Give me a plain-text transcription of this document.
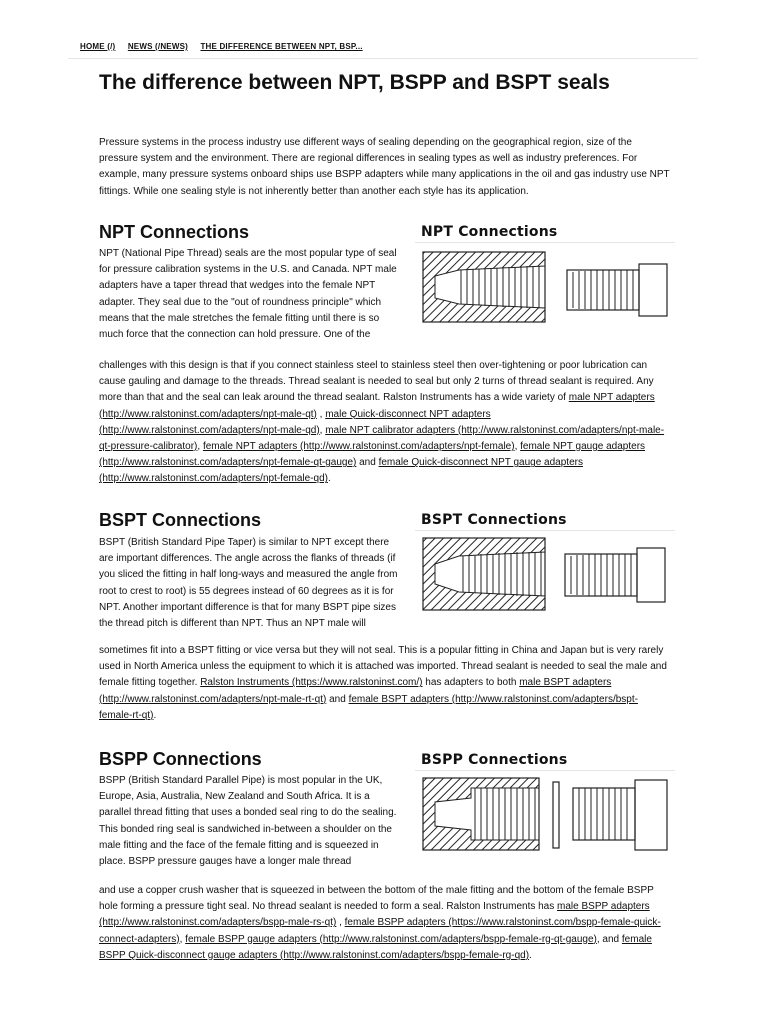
HOME (/) NEWS (/NEWS) THE DIFFERENCE BETWEEN NPT, BSP...
The difference between NPT, BSPP and BSPT seals

Pressure systems in the process industry use different ways of sealing depending on the geographical region, size of the pressure system and the environment. There are regional differences in sealing types as well as industry preferences. For example, many pressure systems onboard ships use BSPP adapters while many applications in the oil and gas industry use NPT fittings. While one sealing style is not inherently better than another each style has its application.

NPT Connections

NPT (National Pipe Thread) seals are the most popular type of seal for pressure calibration systems in the U.S. and Canada. NPT male adapters have a taper thread that wedges into the female NPT adapter. They seal due to the "out of roundness principle" which means that the male stretches the female fitting until there is so much force that the connection can hold pressure. One of the

NPT Connections

challenges with this design is that if you connect stainless steel to stainless steel then over-tightening or poor lubrication can cause gauling and damage to the threads. Thread sealant is needed to seal but only 2 turns of thread sealant is required. Any more than that and the seal can leak around the thread sealant. Ralston Instruments has a wide variety of male NPT adapters (http://www.ralstoninst.com/adapters/npt-male-qt) , male Quick-disconnect NPT adapters (http://www.ralstoninst.com/adapters/npt-male-qd), male NPT calibrator adapters (http://www.ralstoninst.com/adapters/npt-male-qt-pressure-calibrator), female NPT adapters (http://www.ralstoninst.com/adapters/npt-female), female NPT gauge adapters (http://www.ralstoninst.com/adapters/npt-female-qt-gauge) and female Quick-disconnect NPT gauge adapters (http://www.ralstoninst.com/adapters/npt-female-qd).

BSPT Connections

BSPT (British Standard Pipe Taper) is similar to NPT except there are important differences. The angle across the flanks of threads (if you sliced the fitting in half long-ways and measured the angle from root to crest to root) is 55 degrees instead of 60 degrees as it is for NPT. Another important difference is that for many BSPT pipe sizes the thread pitch is different than NPT. Thus an NPT male will

BSPT Connections

sometimes fit into a BSPT fitting or vice versa but they will not seal. This is a popular fitting in China and Japan but is very rarely used in North America unless the equipment to which it is attached was imported. Thread sealant is needed to seal the male and female fitting together. Ralston Instruments (https://www.ralstoninst.com/) has adapters to both male BSPT adapters (http://www.ralstoninst.com/adapters/npt-male-rt-qt) and female BSPT adapters (http://www.ralstoninst.com/adapters/bspt-female-rt-qt).

BSPP Connections

BSPP (British Standard Parallel Pipe) is most popular in the UK, Europe, Asia, Australia, New Zealand and South Africa. It is a parallel thread fitting that uses a bonded seal ring to do the sealing. This bonded ring seal is sandwiched in-between a shoulder on the male fitting and the face of the female fitting and is squeezed in place. BSPP pressure gauges have a longer male thread

BSPP Connections

and use a copper crush washer that is squeezed in between the bottom of the male fitting and the bottom of the female BSPP hole forming a pressure tight seal. No thread sealant is needed to form a seal. Ralston Instruments has male BSPP adapters (http://www.ralstoninst.com/adapters/bspp-male-rs-qt) , female BSPP adapters (https://www.ralstoninst.com/bspp-female-quick-connect-adapters), female BSPP gauge adapters (http://www.ralstoninst.com/adapters/bspp-female-rg-qt-gauge), and female BSPP Quick-disconnect gauge adapters (http://www.ralstoninst.com/adapters/bspp-female-rg-qd).
